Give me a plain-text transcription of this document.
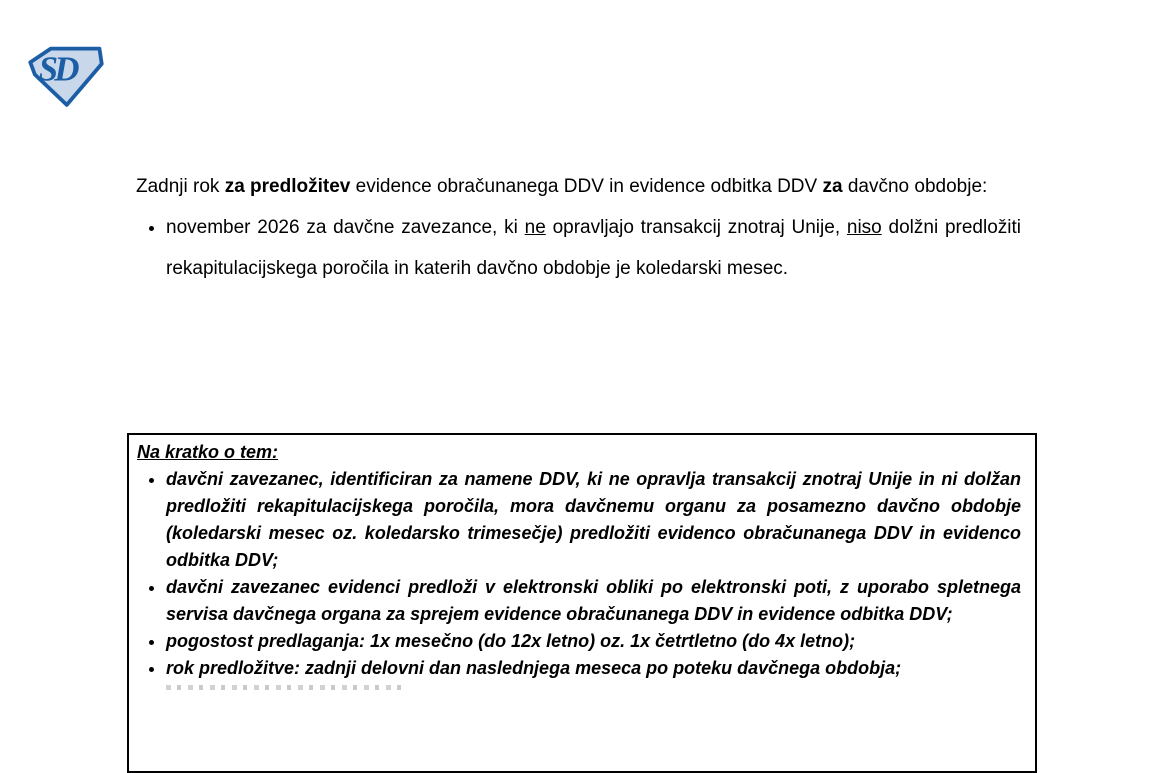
SD

Zadnji rok za predložitev evidence obračunanega DDV in evidence odbitka DDV za davčno obdobje:

• november 2026 za davčne zavezance, ki ne opravljajo transakcij znotraj Unije, niso dolžni predložiti rekapitulacijskega poročila in katerih davčno obdobje je koledarski mesec.

Na kratko o tem:

• davčni zavezanec, identificiran za namene DDV, ki ne opravlja transakcij znotraj Unije in ni dolžan predložiti rekapitulacijskega poročila, mora davčnemu organu za posamezno davčno obdobje (koledarski mesec oz. koledarsko trimesečje) predložiti evidenco obračunanega DDV in evidenco odbitka DDV;
• davčni zavezanec evidenci predloži v elektronski obliki po elektronski poti, z uporabo spletnega servisa davčnega organa za sprejem evidence obračunanega DDV in evidence odbitka DDV;
• pogostost predlaganja: 1x mesečno (do 12x letno) oz. 1x četrtletno (do 4x letno);
• rok predložitve: zadnji delovni dan naslednjega meseca po poteku davčnega obdobja;
